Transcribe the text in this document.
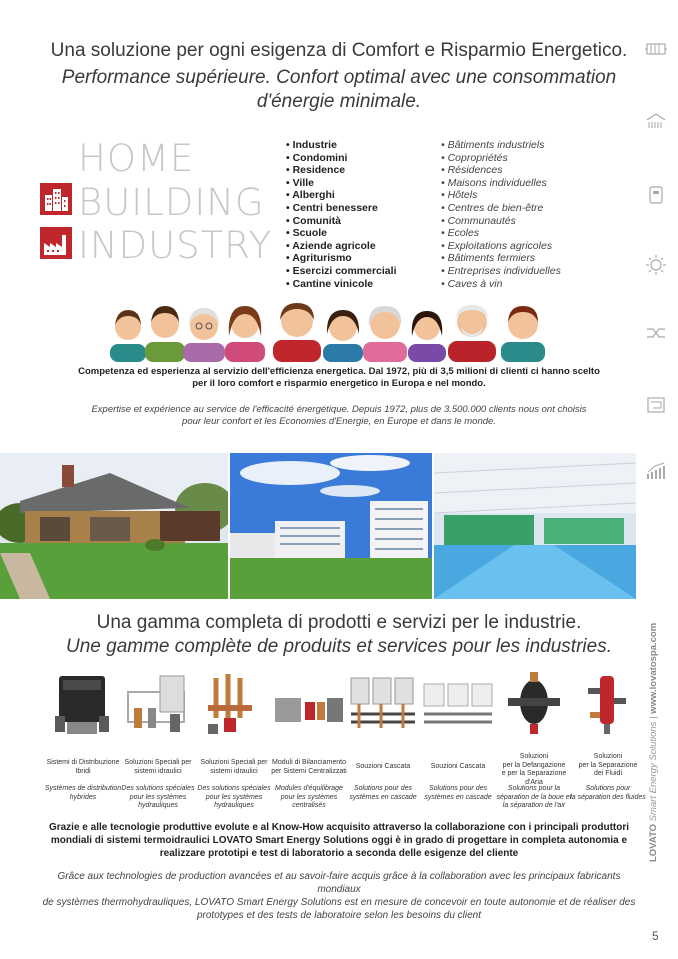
Una soluzione per ogni esigenza di Comfort e Risparmio Energetico.
Performance supérieure. Confort optimal avec une consommation
d'énergie minimale.
HOME
BUILDING
INDUSTRY
• Industrie
• Condomini
• Residence
• Ville
• Alberghi
• Centri benessere
• Comunità
• Scuole
• Aziende agricole
• Agriturismo
• Esercizi commerciali
• Cantine vinicole
• Bâtiments industriels
• Copropriétés
• Résidences
• Maisons individuelles
• Hôtels
• Centres de bien-être
• Communautés
• Ecoles
• Exploitations agricoles
• Bâtiments fermiers
• Entreprises individuelles
• Caves à vin
Competenza ed esperienza al servizio dell'efficienza energetica. Dal 1972, più di 3,5 milioni di clienti ci hanno scelto
per il loro comfort e risparmio energetico in Europa e nel mondo.
Expertise et expérience au service de l'efficacité énergétique. Depuis 1972, plus de 3.500.000 clients nous ont choisis
pour leur confort et les Economies d'Energie, en Europe et dans le monde.
Una gamma completa di prodotti e servizi per le industrie.
Une gamme complète de produits et services pour les industries.
Sistemi di Distribuzione
Ibridi
Systèmes de distribution
hybrides
Soluzioni Speciali per
sistemi idraulici
Des solutions spéciales
pour les systèmes
hydrauliques
Soluzioni Speciali per
sistemi idraulici
Des solutions spéciales
pour les systèmes
hydrauliques
Moduli di Bilanciamento
per Sistemi Centralizzati
Modules d'équilibrage
pour les systèmes
centralisés
Souzioni Cascata
Solutions pour des
systèmes en cascade
Souzioni Cascata
Solutions pour des
systèmes en cascade
Soluzioni
per la Defangazione
e per la Separazione d'Aria
Solutions pour la
séparation de la boue et
la séparation de l'air
Soluzioni
per la Separazione
dei Fluidi
Solutions pour
la séparation des fluides
Grazie e alle tecnologie produttive evolute e al Know-How acquisito attraverso la collaborazione con i principali produttori
mondiali di sistemi termoidraulici LOVATO Smart Energy Solutions oggi è in grado di progettare in completa autonomia e
realizzare prototipi e test di laboratorio a seconda delle esigenze del cliente
Grâce aux technologies de production avancées et au savoir-faire acquis grâce à la collaboration avec les principaux fabricants mondiaux
de systèmes thermohydrauliques, LOVATO Smart Energy Solutions est en mesure de concevoir en toute autonomie et de réaliser des
prototypes et des tests de laboratoire selon les besoins du client
LOVATO Smart Energy Solutions | www.lovatospa.com
5
